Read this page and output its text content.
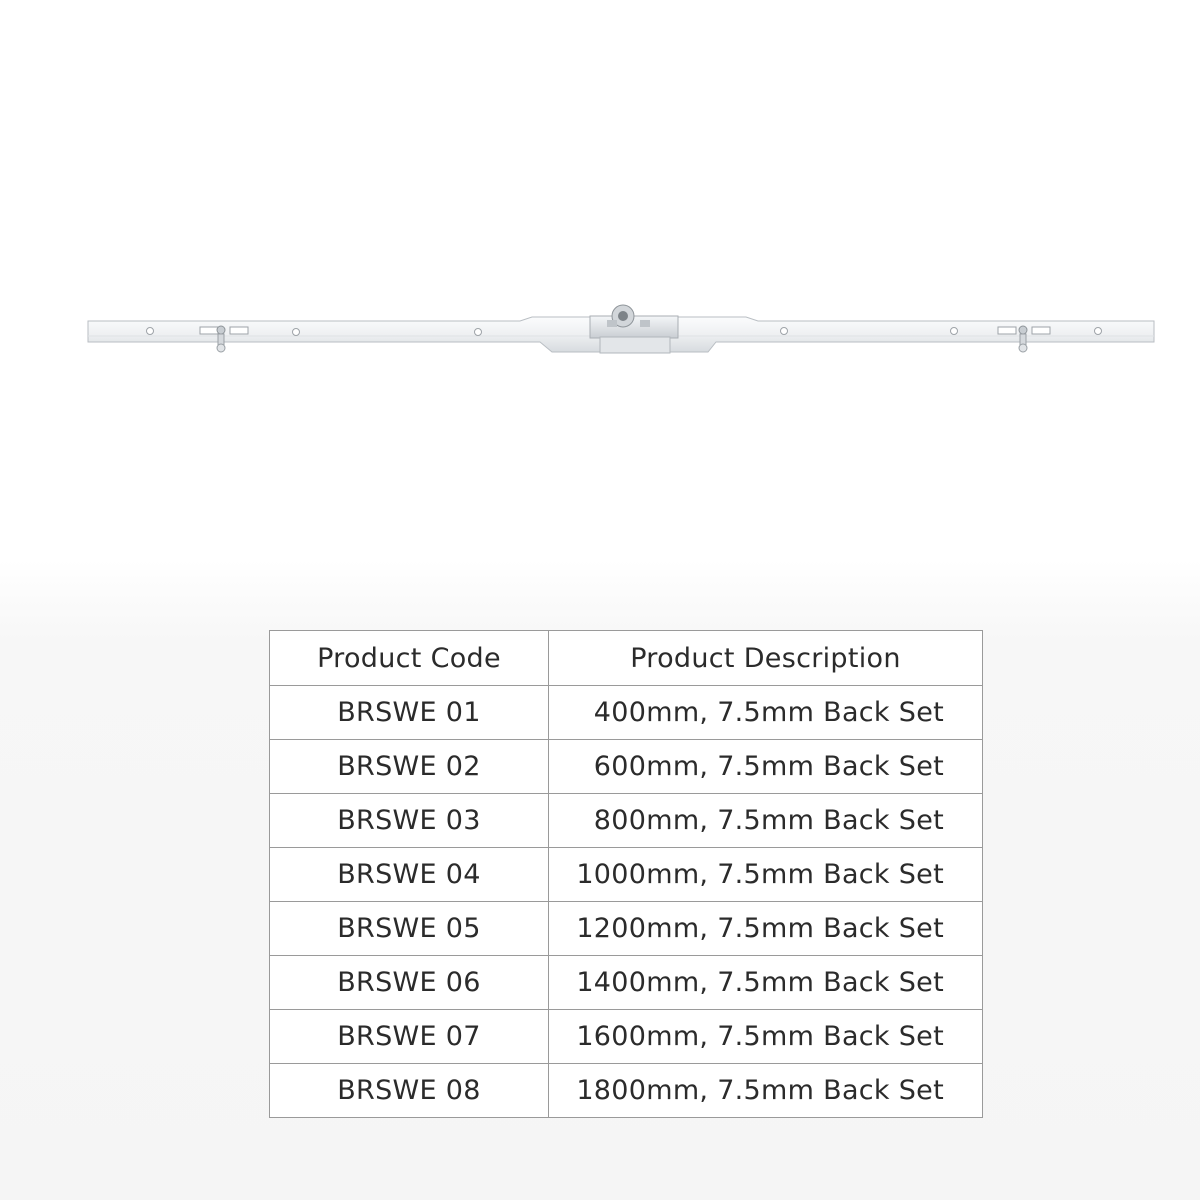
Product Code	Product Description
BRSWE 01	400mm, 7.5mm Back Set
BRSWE 02	600mm, 7.5mm Back Set
BRSWE 03	800mm, 7.5mm Back Set
BRSWE 04	1000mm, 7.5mm Back Set
BRSWE 05	1200mm, 7.5mm Back Set
BRSWE 06	1400mm, 7.5mm Back Set
BRSWE 07	1600mm, 7.5mm Back Set
BRSWE 08	1800mm, 7.5mm Back Set
